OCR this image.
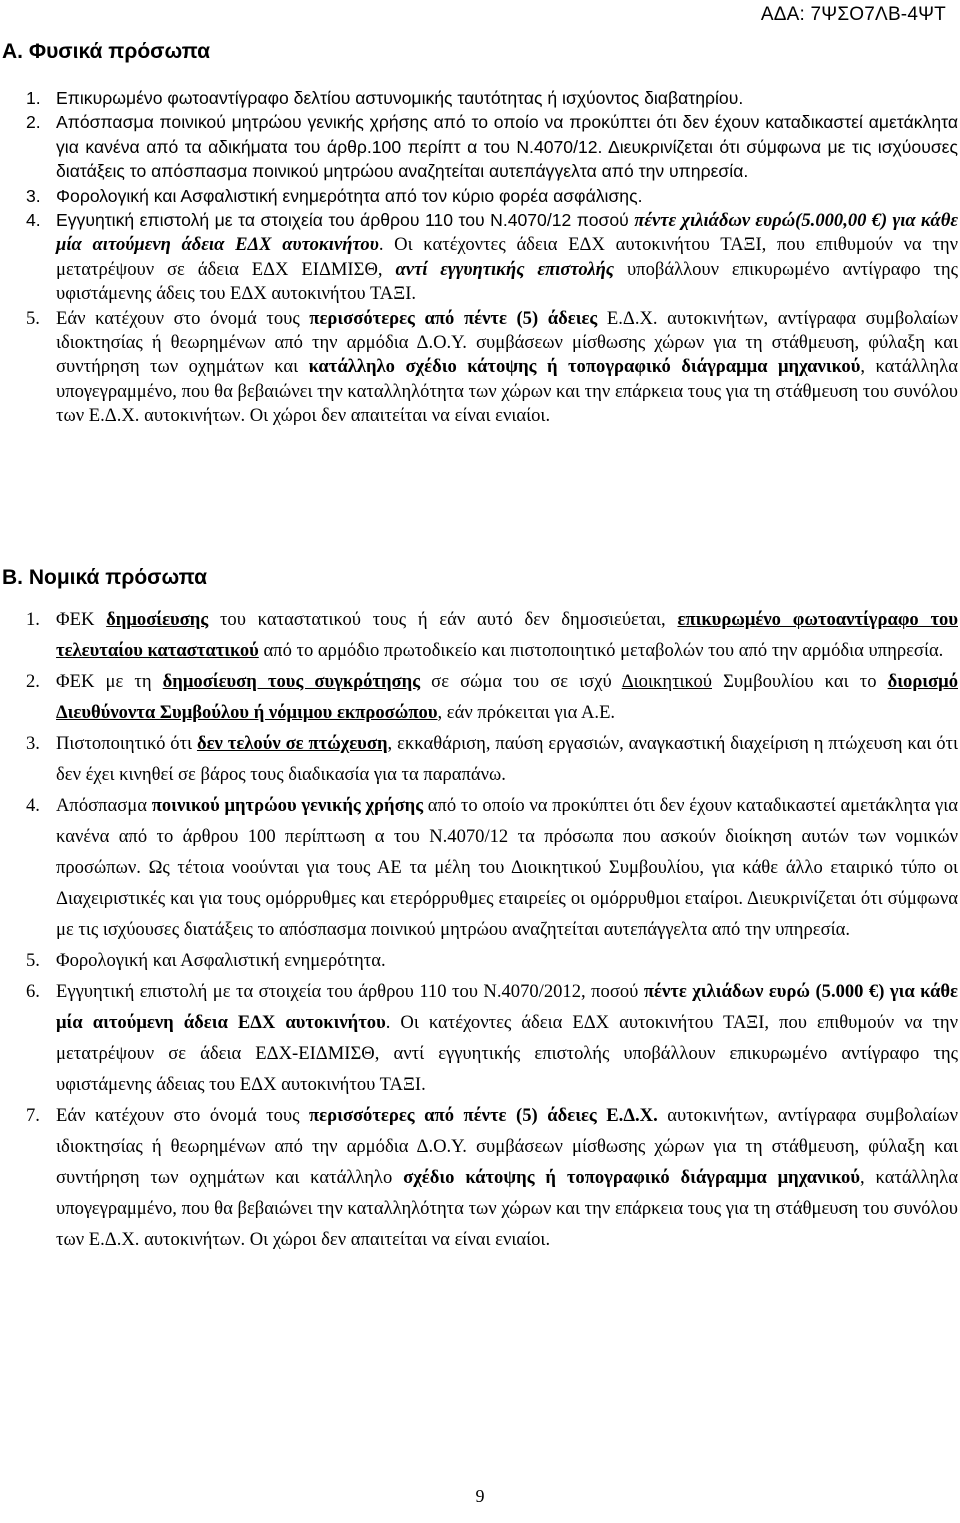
ΑΔΑ: 7ΨΣΟ7ΛΒ-4ΨΤ
Α. Φυσικά πρόσωπα
1. Επικυρωμένο φωτοαντίγραφο δελτίου αστυνομικής ταυτότητας ή ισχύοντος διαβατηρίου.
2. Απόσπασμα ποινικού μητρώου γενικής χρήσης από το οποίο να προκύπτει ότι δεν έχουν καταδικαστεί αμετάκλητα για κανένα από τα αδικήματα του άρθρ.100 περίπτ α του Ν.4070/12. Διευκρινίζεται ότι σύμφωνα με τις ισχύουσες διατάξεις το απόσπασμα ποινικού μητρώου αναζητείται αυτεπάγγελτα από την υπηρεσία.
3. Φορολογική και Ασφαλιστική ενημερότητα από τον κύριο φορέα ασφάλισης.
4. Εγγυητική επιστολή με τα στοιχεία του άρθρου 110 του Ν.4070/12 ποσού πέντε χιλιάδων ευρώ(5.000,00 €) για κάθε μία αιτούμενη άδεια ΕΔΧ αυτοκινήτου. Οι κατέχοντες άδεια ΕΔΧ αυτοκινήτου ΤΑΞΙ, που επιθυμούν να την μετατρέψουν σε άδεια ΕΔΧ ΕΙΔΜΙΣΘ, αντί εγγυητικής επιστολής υποβάλλουν επικυρωμένο αντίγραφο της υφιστάμενης άδεις του ΕΔΧ αυτοκινήτου ΤΑΞΙ.
5. Εάν κατέχουν στο όνομά τους περισσότερες από πέντε (5) άδειες Ε.Δ.Χ. αυτοκινήτων, αντίγραφα συμβολαίων ιδιοκτησίας ή θεωρημένων από την αρμόδια Δ.Ο.Υ. συμβάσεων μίσθωσης χώρων για τη στάθμευση, φύλαξη και συντήρηση των οχημάτων και κατάλληλο σχέδιο κάτοψης ή τοπογραφικό διάγραμμα μηχανικού, κατάλληλα υπογεγραμμένο, που θα βεβαιώνει την καταλληλότητα των χώρων και την επάρκεια τους για τη στάθμευση του συνόλου των Ε.Δ.Χ. αυτοκινήτων. Οι χώροι δεν απαιτείται να είναι ενιαίοι.
Β. Νομικά πρόσωπα
1. ΦΕΚ δημοσίευσης του καταστατικού τους ή εάν αυτό δεν δημοσιεύεται, επικυρωμένο φωτοαντίγραφο του τελευταίου καταστατικού από το αρμόδιο πρωτοδικείο και πιστοποιητικό μεταβολών του από την αρμόδια υπηρεσία.
2. ΦΕΚ με τη δημοσίευση τους συγκρότησης σε σώμα του σε ισχύ Διοικητικού Συμβουλίου και το διορισμό Διευθύνοντα Συμβούλου ή νόμιμου εκπροσώπου, εάν πρόκειται για Α.Ε.
3. Πιστοποιητικό ότι δεν τελούν σε πτώχευση, εκκαθάριση, παύση εργασιών, αναγκαστική διαχείριση η πτώχευση και ότι δεν έχει κινηθεί σε βάρος τους διαδικασία για τα παραπάνω.
4. Απόσπασμα ποινικού μητρώου γενικής χρήσης από το οποίο να προκύπτει ότι δεν έχουν καταδικαστεί αμετάκλητα για κανένα από το άρθρου 100 περίπτωση α του Ν.4070/12 τα πρόσωπα που ασκούν διοίκηση αυτών των νομικών προσώπων. Ως τέτοια νοούνται για τους ΑΕ τα μέλη του Διοικητικού Συμβουλίου, για κάθε άλλο εταιρικό τύπο οι Διαχειριστικές και για τους ομόρρυθμες και ετερόρρυθμες εταιρείες οι ομόρρυθμοι εταίροι. Διευκρινίζεται ότι σύμφωνα με τις ισχύουσες διατάξεις το απόσπασμα ποινικού μητρώου αναζητείται αυτεπάγγελτα από την υπηρεσία.
5. Φορολογική και Ασφαλιστική ενημερότητα.
6. Εγγυητική επιστολή με τα στοιχεία του άρθρου 110 του Ν.4070/2012, ποσού πέντε χιλιάδων ευρώ (5.000 €) για κάθε μία αιτούμενη άδεια ΕΔΧ αυτοκινήτου. Οι κατέχοντες άδεια ΕΔΧ αυτοκινήτου ΤΑΞΙ, που επιθυμούν να την μετατρέψουν σε άδεια ΕΔΧ-ΕΙΔΜΙΣΘ, αντί εγγυητικής επιστολής υποβάλλουν επικυρωμένο αντίγραφο της υφιστάμενης άδειας του ΕΔΧ αυτοκινήτου ΤΑΞΙ.
7. Εάν κατέχουν στο όνομά τους περισσότερες από πέντε (5) άδειες Ε.Δ.Χ. αυτοκινήτων, αντίγραφα συμβολαίων ιδιοκτησίας ή θεωρημένων από την αρμόδια Δ.Ο.Υ. συμβάσεων μίσθωσης χώρων για τη στάθμευση, φύλαξη και συντήρηση των οχημάτων και κατάλληλο σχέδιο κάτοψης ή τοπογραφικό διάγραμμα μηχανικού, κατάλληλα υπογεγραμμένο, που θα βεβαιώνει την καταλληλότητα των χώρων και την επάρκεια τους για τη στάθμευση του συνόλου των Ε.Δ.Χ. αυτοκινήτων. Οι χώροι δεν απαιτείται να είναι ενιαίοι.
9
